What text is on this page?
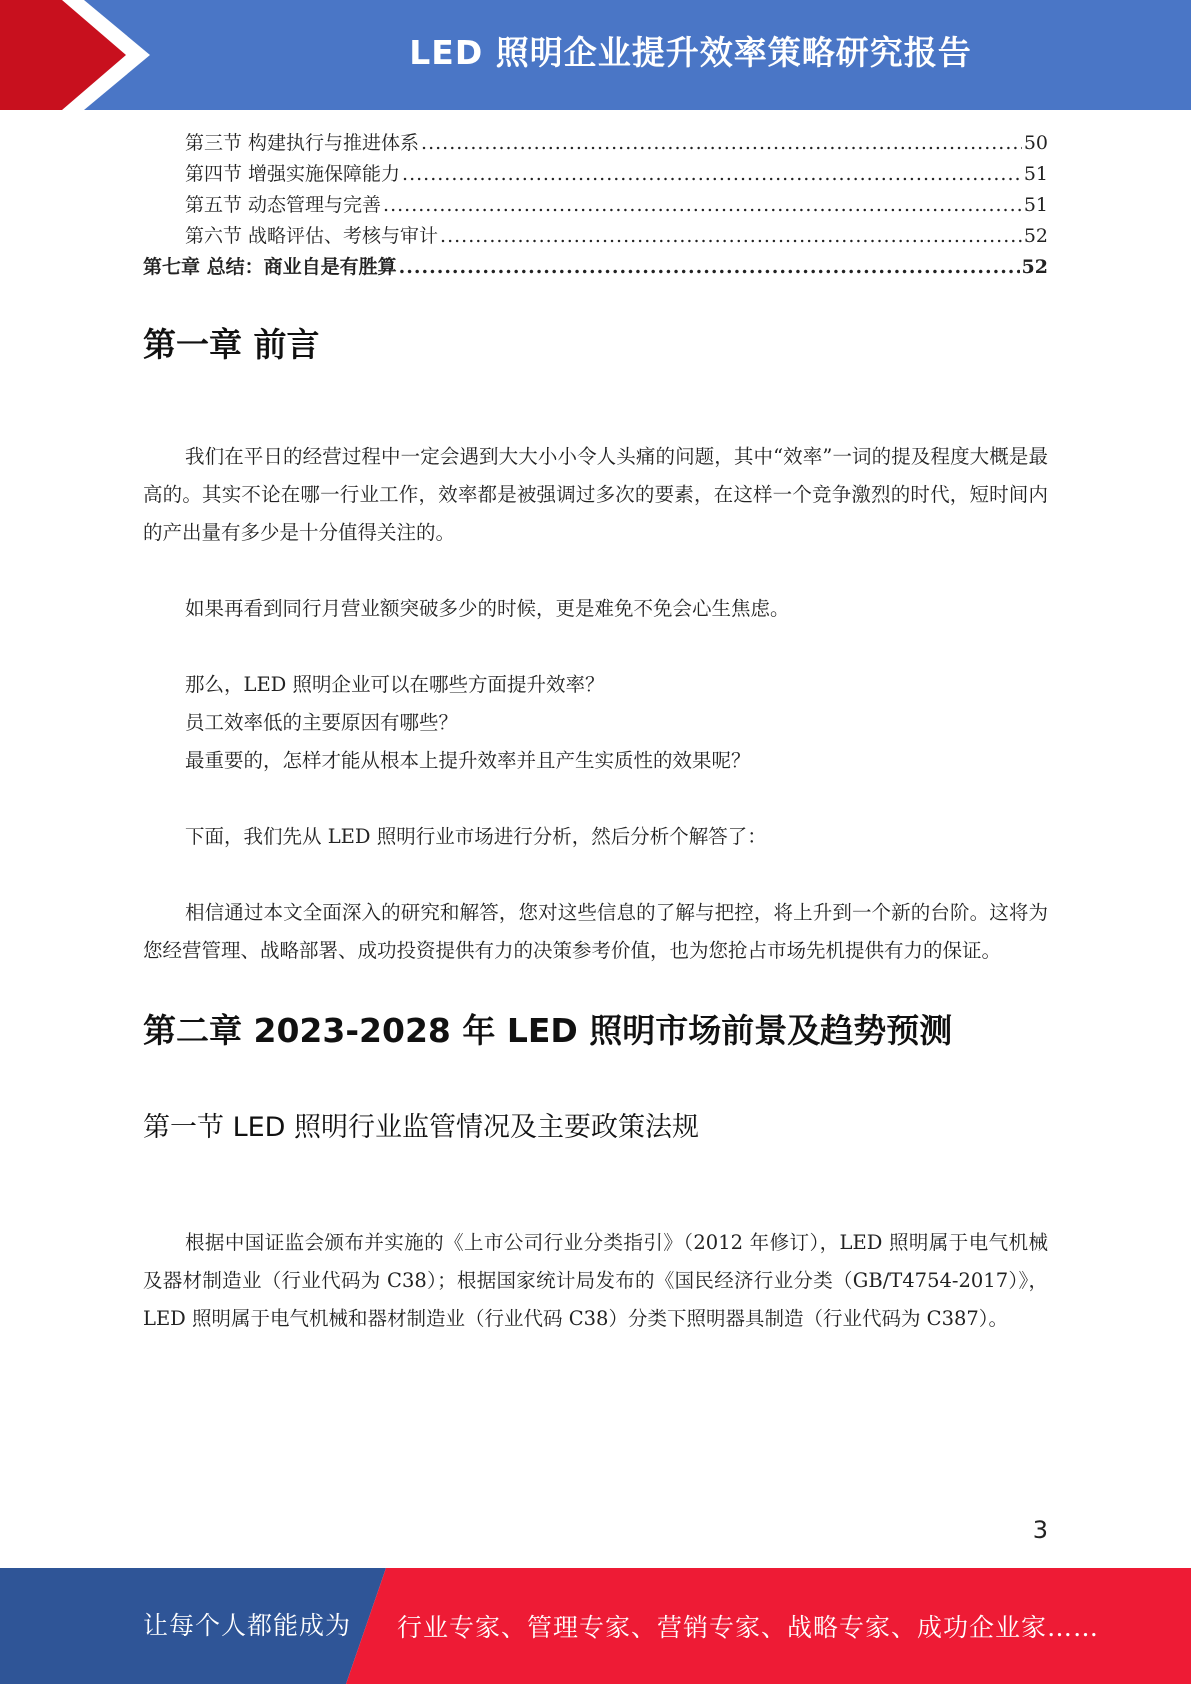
LED 照明企业提升效率策略研究报告
第三节 构建执行与推进体系 .....	50
第四节 增强实施保障能力 .....	51
第五节 动态管理与完善 .....	51
第六节 战略评估、考核与审计 .....	52
第七章 总结：商业自是有胜算 .....	52
第一章 前言

我们在平日的经营过程中一定会遇到大大小小令人头痛的问题，其中“效率”一词的提及程度大概是最高的。其实不论在哪一行业工作，效率都是被强调过多次的要素，在这样一个竞争激烈的时代，短时间内的产出量有多少是十分值得关注的。

如果再看到同行月营业额突破多少的时候，更是难免不免会心生焦虑。

那么，LED 照明企业可以在哪些方面提升效率？

员工效率低的主要原因有哪些？

最重要的，怎样才能从根本上提升效率并且产生实质性的效果呢？

下面，我们先从 LED 照明行业市场进行分析，然后分析个解答了：

相信通过本文全面深入的研究和解答，您对这些信息的了解与把控，将上升到一个新的台阶。这将为您经营管理、战略部署、成功投资提供有力的决策参考价值，也为您抢占市场先机提供有力的保证。

第二章 2023-2028 年 LED 照明市场前景及趋势预测
第一节 LED 照明行业监管情况及主要政策法规

根据中国证监会颁布并实施的《上市公司行业分类指引》（2012 年修订），LED 照明属于电气机械及器材制造业（行业代码为 C38）；根据国家统计局发布的《国民经济行业分类（GB/T4754-2017）》，LED 照明属于电气机械和器材制造业（行业代码 C38）分类下照明器具制造（行业代码为 C387）。

3
让每个人都能成为 行业专家、管理专家、营销专家、战略专家、成功企业家……
